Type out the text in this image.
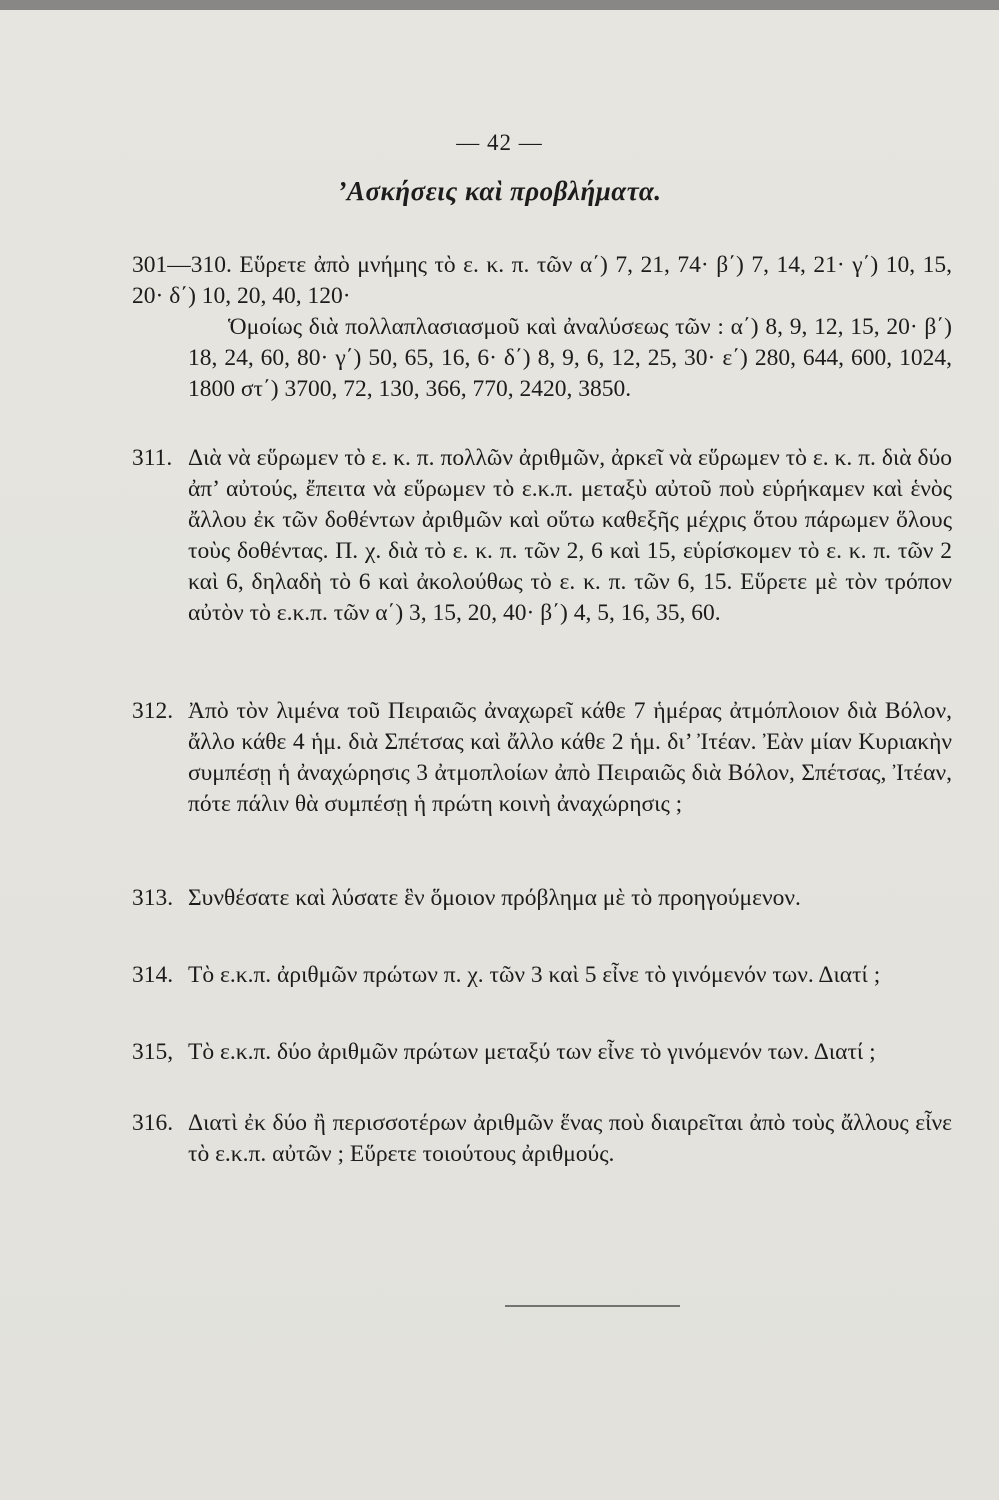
— 42 —
’Ασκήσεις καὶ προβλήματα.
301—310. Εὕρετε ἀπὸ μνήμης τὸ ε. κ. π. τῶν α΄) 7, 21, 74· β΄) 7, 14, 21· γ΄) 10, 15, 20· δ΄) 10, 20, 40, 120·
Ὁμοίως διὰ πολλαπλασιασμοῦ καὶ ἀναλύσεως τῶν : α΄) 8, 9, 12, 15, 20· β΄) 18, 24, 60, 80· γ΄) 50, 65, 16, 6· δ΄) 8, 9, 6, 12, 25, 30· ε΄) 280, 644, 600, 1024, 1800 στ΄) 3700, 72, 130, 366, 770, 2420, 3850.
311. Διὰ νὰ εὕρωμεν τὸ ε. κ. π. πολλῶν ἀριθμῶν, ἀρκεῖ νὰ εὕρωμεν τὸ ε. κ. π. διὰ δύο ἀπ’ αὐτούς, ἔπειτα νὰ εὕρωμεν τὸ ε.κ.π. μεταξὺ αὐτοῦ ποὺ εὑρήκαμεν καὶ ἑνὸς ἄλλου ἐκ τῶν δοθέντων ἀριθμῶν καὶ οὕτω καθεξῆς μέχρις ὅτου πάρωμεν ὅλους τοὺς δοθέντας. Π. χ. διὰ τὸ ε. κ. π. τῶν 2, 6 καὶ 15, εὑρίσκομεν τὸ ε. κ. π. τῶν 2 καὶ 6, δηλαδὴ τὸ 6 καὶ ἀκολούθως τὸ ε. κ. π. τῶν 6, 15. Εὕρετε μὲ τὸν τρόπον αὐτὸν τὸ ε.κ.π. τῶν α΄) 3, 15, 20, 40· β΄) 4, 5, 16, 35, 60.
312. Ἀπὸ τὸν λιμένα τοῦ Πειραιῶς ἀναχωρεῖ κάθε 7 ἡμέρας ἀτμόπλοιον διὰ Βόλον, ἄλλο κάθε 4 ἡμ. διὰ Σπέτσας καὶ ἄλλο κάθε 2 ἡμ. δι’ Ἰτέαν. Ἐὰν μίαν Κυριακὴν συμπέσῃ ἡ ἀναχώρησις 3 ἀτμοπλοίων ἀπὸ Πειραιῶς διὰ Βόλον, Σπέτσας, Ἰτέαν, πότε πάλιν θὰ συμπέσῃ ἡ πρώτη κοινὴ ἀναχώρησις ;
313. Συνθέσατε καὶ λύσατε ἓν ὅμοιον πρόβλημα μὲ τὸ προηγούμενον.
314. Τὸ ε.κ.π. ἀριθμῶν πρώτων π. χ. τῶν 3 καὶ 5 εἶνε τὸ γινόμενόν των. Διατί ;
315, Τὸ ε.κ.π. δύο ἀριθμῶν πρώτων μεταξύ των εἶνε τὸ γινόμενόν των. Διατί ;
316. Διατὶ ἐκ δύο ἢ περισσοτέρων ἀριθμῶν ἕνας ποὺ διαιρεῖται ἀπὸ τοὺς ἄλλους εἶνε τὸ ε.κ.π. αὐτῶν ; Εὕρετε τοιούτους ἀριθμούς.
